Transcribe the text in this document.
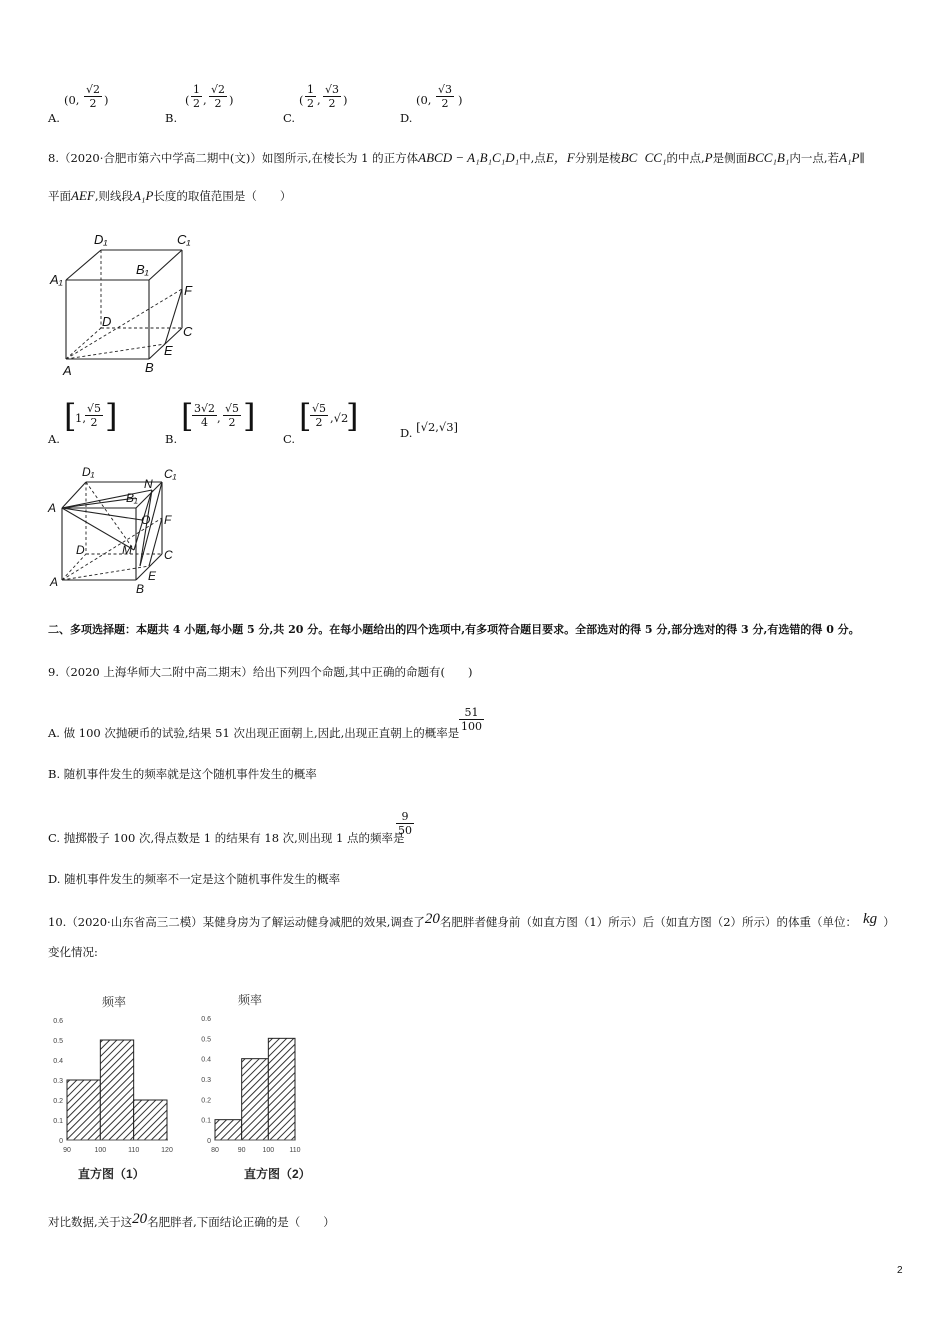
A.
(0, $\frac{√2}{2}$ )
B.
( $\frac{1}{2}$ , $\frac{√2}{2}$ )
C.
( $\frac{1}{2}$ , $\frac{√3}{2}$ )
D.
(0, $\frac{√3}{2}$ )
8.（2020·合肥市第六中学高二期中(文)）如图所示,在棱长为 1 的正方体ABCD − A₁B₁C₁D₁中,点E，F分别是棱BC CC₁的中点,P是侧面BCC₁B₁内一点,若A₁P∥
平面AEF,则线段A₁P长度的取值范围是（　　）
D₁	C₁
A₁
B₁
F
D
C
E
A	B
A.
[
1, $\frac{√5}{2}$ ]
B.
[
$\frac{3√2}{4}$ , $\frac{√5}{2}$ ]
C.
[
$\frac{√5}{2} ,√2$
]	D. [√2,√3]
D₁	C₁
N
B₁
A
O F
D	M	C
E
A	B
二、多项选择题：本题共 4 小题,每小题 5 分,共 20 分。在每小题给出的四个选项中,有多项符合题目要求。全部选对的得 5 分,部分选对的得 3 分,有选错的得 0 分。
9.（2020 上海华师大二附中高二期末）给出下列四个命题,其中正确的命题有(　　)
A. 做 100 次抛硬币的试验,结果 51 次出现正面朝上,因此,出现正直朝上的概率是 $\frac{51}{100}$
B. 随机事件发生的频率就是这个随机事件发生的概率
C. 抛掷骰子 100 次,得点数是 1 的结果有 18 次,则出现 1 点的频率是
$\frac{9}{50}$
D. 随机事件发生的频率不一定是这个随机事件发生的概率
10.（2020·山东省高三二模）某健身房为了解运动健身减肥的效果,调查了20名肥胖者健身前（如直方图（1）所示）后（如直方图（2）所示）的体重（单位： kg ）
变化情况:
频率
0
0.1
0.2
0.3
0.4
0.5
0.6
90	100	110	120
直方图（1）
频率
0
0.1
0.2
0.3
0.4
0.5
0.6
80	90 100 110
直方图（2）
对比数据,关于这20名肥胖者,下面结论正确的是（　　）
2
